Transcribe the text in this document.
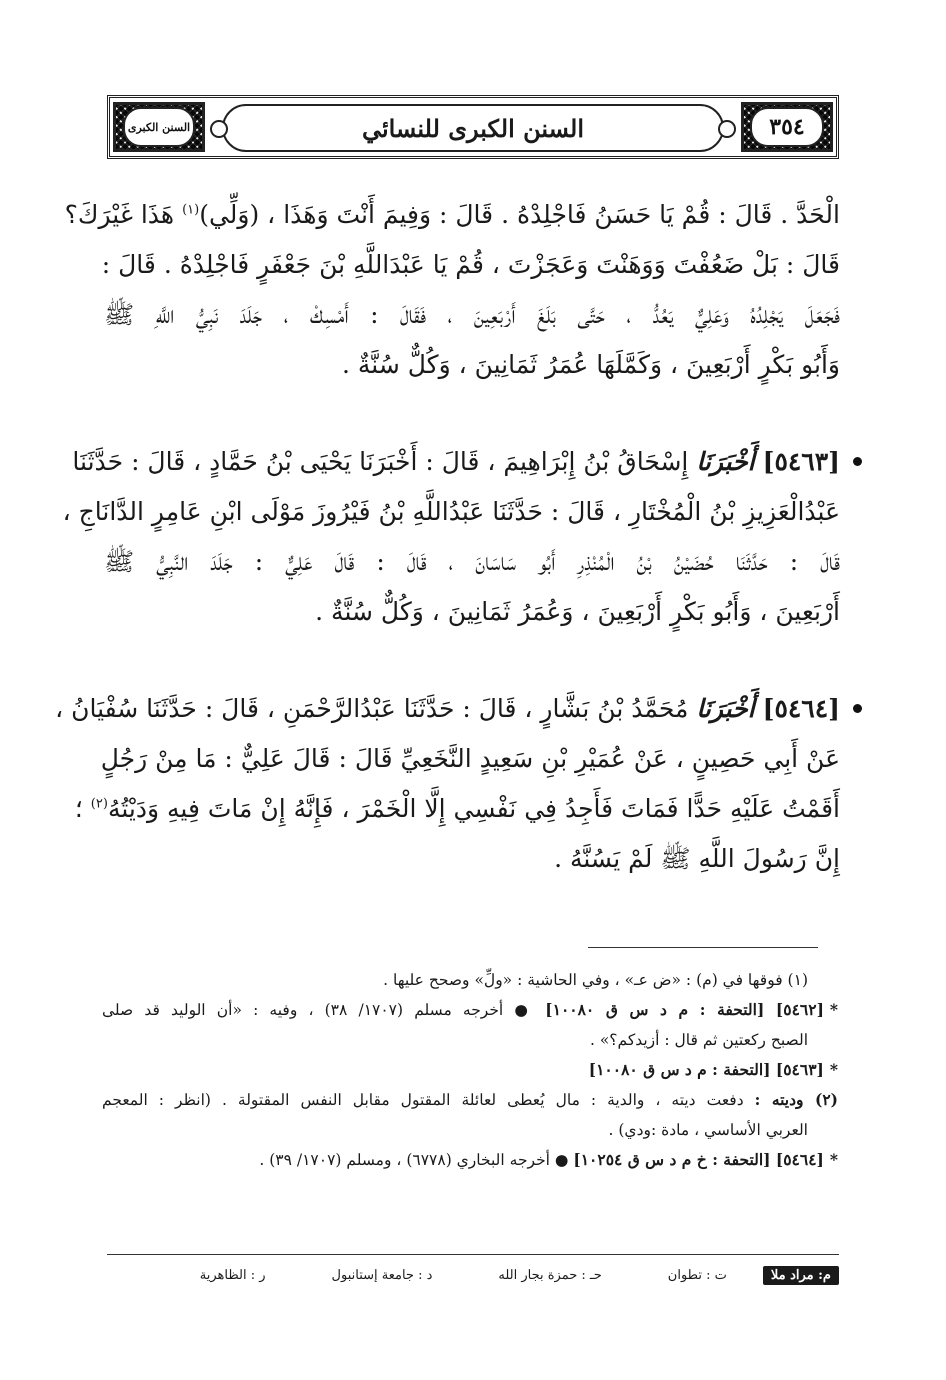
٣٥٤
السنن الكبرى للنسائي
السنن الكبرى
الْحَدَّ . قَالَ : قُمْ يَا حَسَنُ فَاجْلِدْهُ . قَالَ : وَفِيمَ أَنْتَ وَهَذَا ، (وَلِّي)$^{(١)}$ هَذَا غَيْرَكَ؟
قَالَ : بَلْ ضَعُفْتَ وَوَهَنْتَ وَعَجَزْتَ ، قُمْ يَا عَبْدَاللَّهِ بْنَ جَعْفَرٍ فَاجْلِدْهُ . قَالَ :
فَجَعَلَ يَجْلِدُهُ وَعَلِيٌّ يَعُدُّ ، حَتَّى بَلَغَ أَرْبَعِينَ ، فَقَالَ : أَمْسِكْ ، جَلَدَ نَبِيُّ اللَّهِ ﷺ
وَأَبُو بَكْرٍ أَرْبَعِينَ ، وَكَمَّلَهَا عُمَرُ ثَمَانِينَ ، وَكُلٌّ سُنَّةٌ .
[٥٤٦٣] أَخْبَرَنَا إِسْحَاقُ بْنُ إِبْرَاهِيمَ ، قَالَ : أَخْبَرَنَا يَحْيَى بْنُ حَمَّادٍ ، قَالَ : حَدَّثَنَا
عَبْدُالْعَزِيزِ بْنُ الْمُخْتَارِ ، قَالَ : حَدَّثَنَا عَبْدُاللَّهِ بْنُ فَيْرُوزَ مَوْلَى ابْنِ عَامِرٍ الدَّانَاجِ ،
قَالَ : حَدَّثَنَا حُضَيْنُ بْنُ الْمُنْذِرِ أَبُو سَاسَانَ ، قَالَ : قَالَ عَلِيٌّ : جَلَدَ النَّبِيُّ ﷺ
أَرْبَعِينَ ، وَأَبُو بَكْرٍ أَرْبَعِينَ ، وَعُمَرُ ثَمَانِينَ ، وَكُلٌّ سُنَّةٌ .
[٥٤٦٤] أَخْبَرَنَا مُحَمَّدُ بْنُ بَشَّارٍ ، قَالَ : حَدَّثَنَا عَبْدُالرَّحْمَنِ ، قَالَ : حَدَّثَنَا سُفْيَانُ ،
عَنْ أَبِي حَصِينٍ ، عَنْ عُمَيْرِ بْنِ سَعِيدٍ النَّخَعِيِّ قَالَ : قَالَ عَلِيٌّ : مَا مِنْ رَجُلٍ
أَقَمْتُ عَلَيْهِ حَدًّا فَمَاتَ فَأَجِدُ فِي نَفْسِي إِلَّا الْخَمْرَ ، فَإِنَّهُ إِنْ مَاتَ فِيهِ وَدَيْتُهُ$^{(٢)}$ ؛
إِنَّ رَسُولَ اللَّهِ ﷺ لَمْ يَسُنَّهُ .
(١) فوقها في (م) : «ض عـ» ، وفي الحاشية : «ولِّ» وصحح عليها .
*[٥٤٦٢] [التحفة : م د س ق ١٠٠٨٠] ● أخرجه مسلم (١٧٠٧/ ٣٨) ، وفيه : «أن الوليد قد صلى
الصبح ركعتين ثم قال : أزيدكم؟» .
*[٥٤٦٣] [التحفة : م د س ق ١٠٠٨٠]
(٢) وديته : دفعت ديته ، والدية : مال يُعطى لعائلة المقتول مقابل النفس المقتولة . (انظر : المعجم
العربي الأساسي ، مادة :ودي) .
*[٥٤٦٤] [التحفة : خ م د س ق ١٠٢٥٤] ● أخرجه البخاري (٦٧٧٨) ، ومسلم (١٧٠٧/ ٣٩) .
م: مراد ملا
ت : تطوان
حـ : حمزة بجار الله
د : جامعة إستانبول
ر : الظاهرية
